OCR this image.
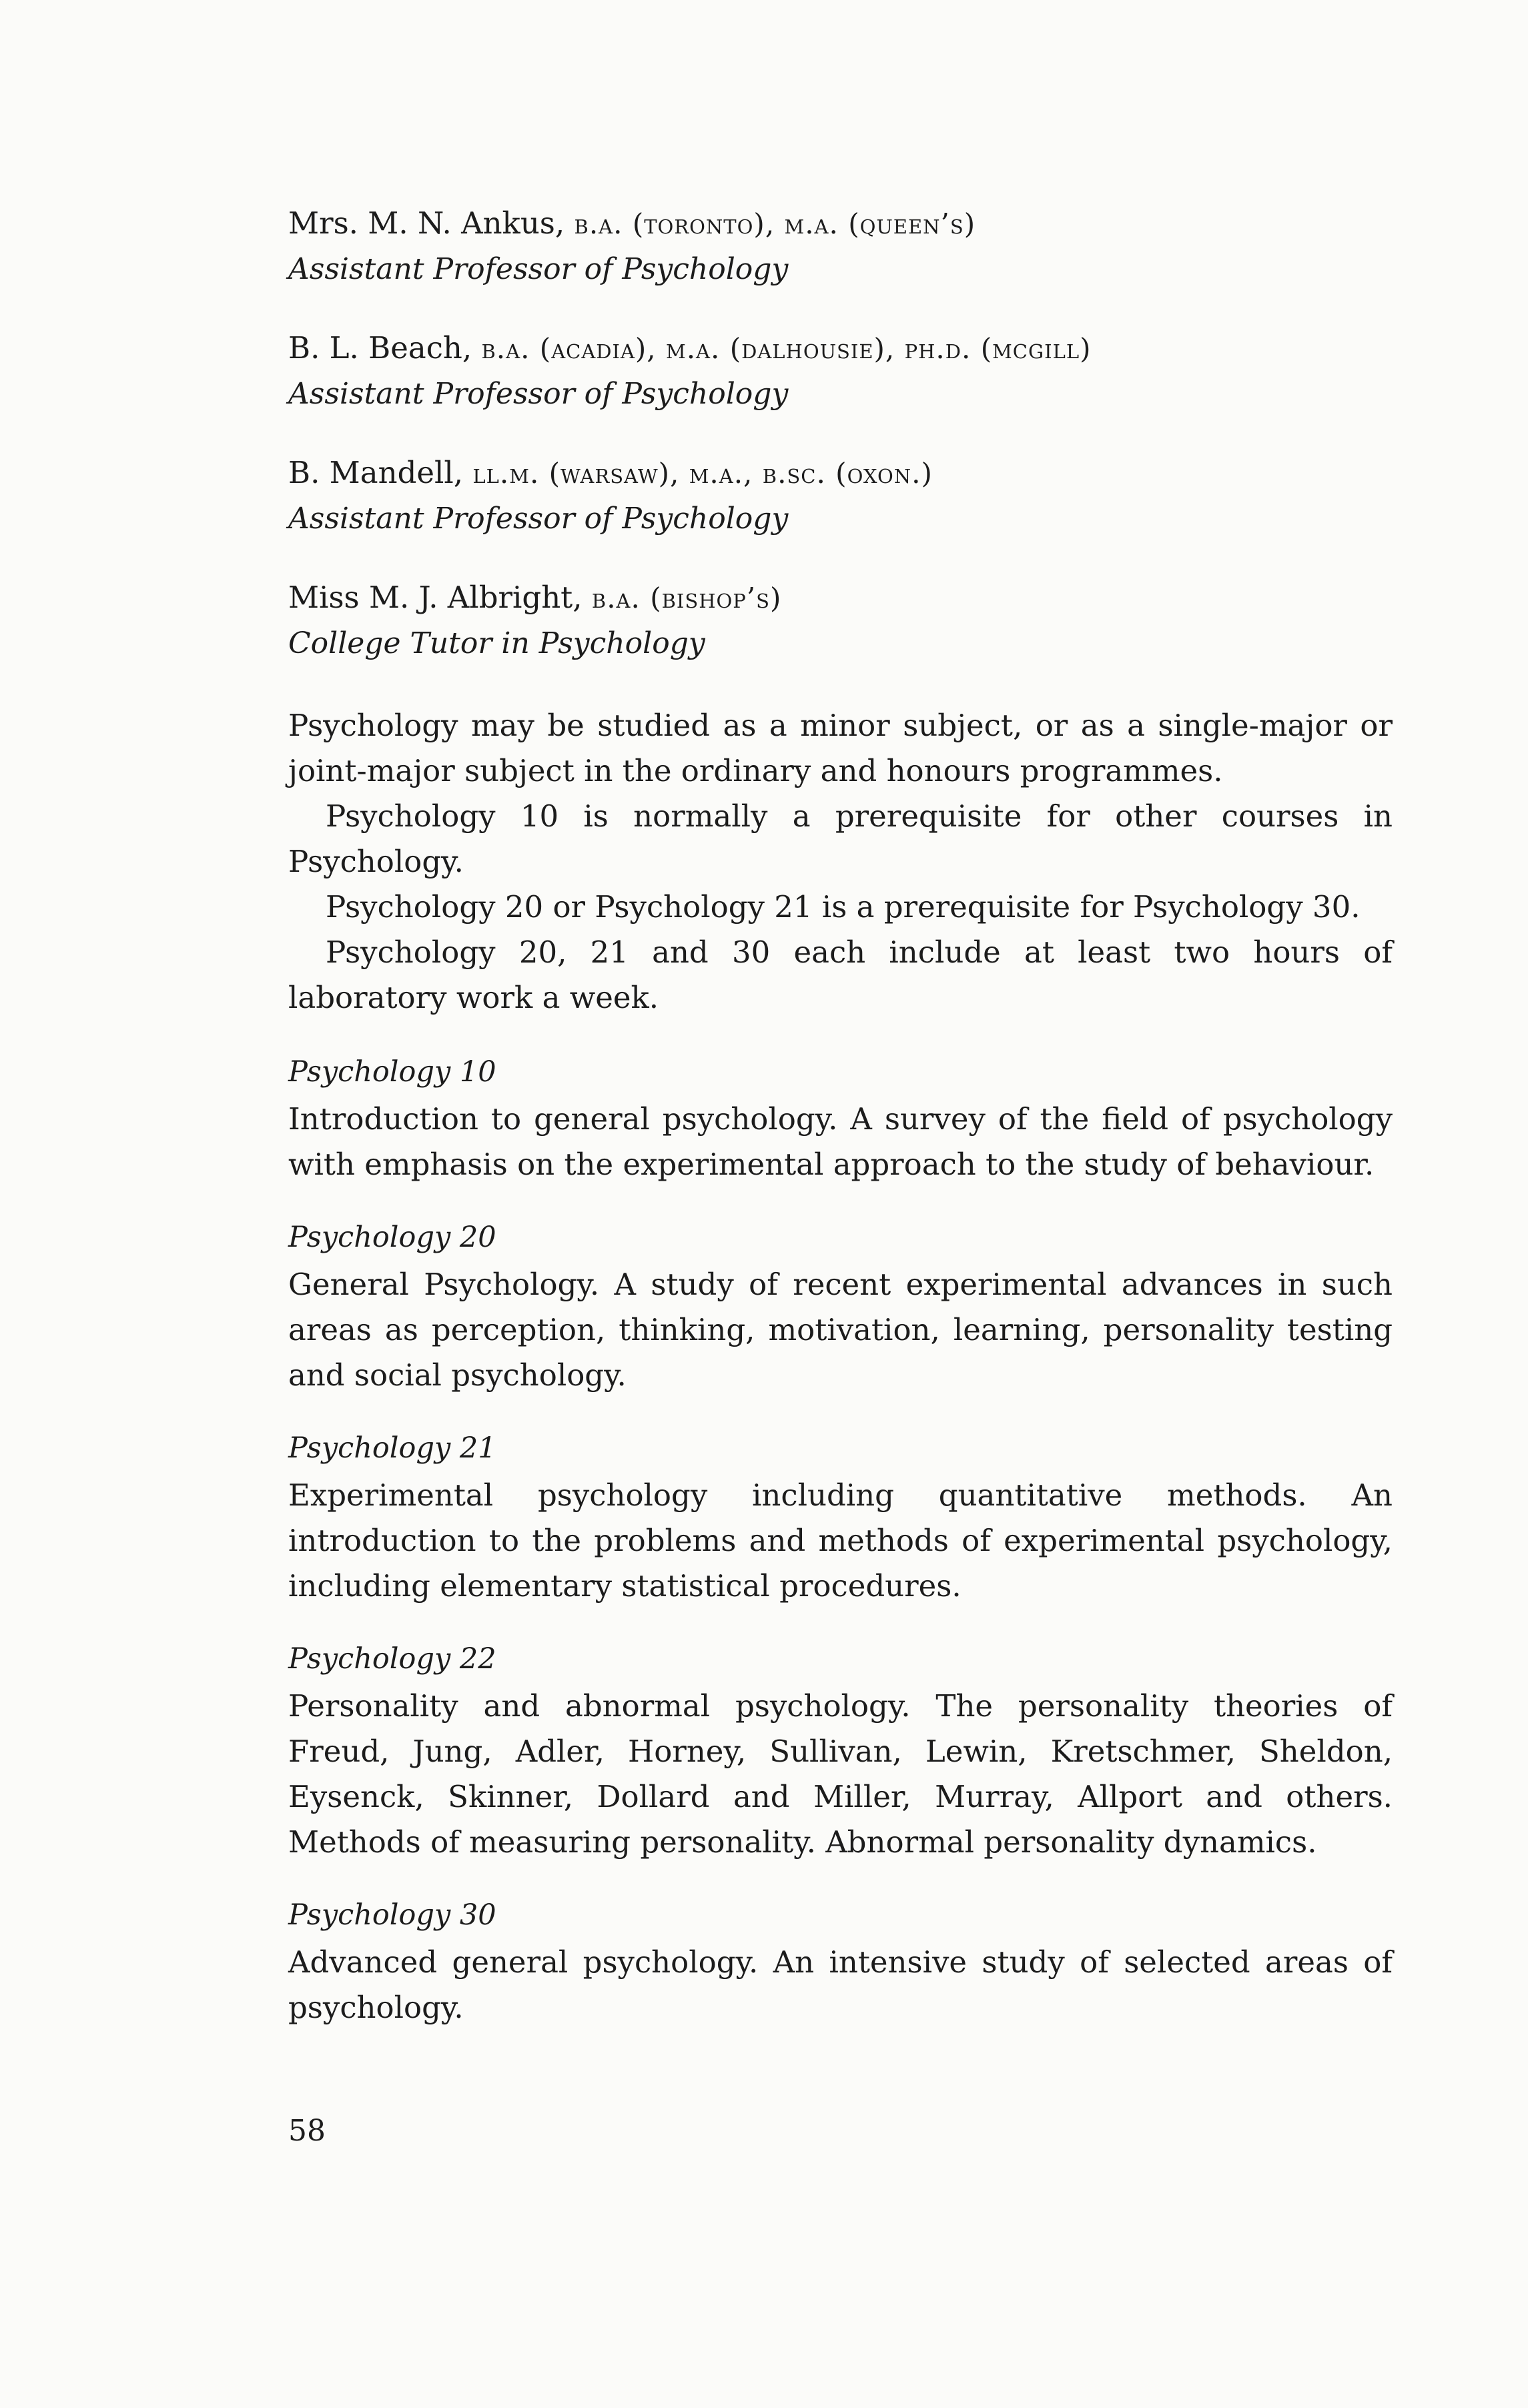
Mrs. M. N. Ankus, b.a. (toronto), m.a. (queen’s)
Assistant Professor of Psychology
B. L. Beach, b.a. (acadia), m.a. (dalhousie), ph.d. (mcgill)
Assistant Professor of Psychology
B. Mandell, ll.m. (warsaw), m.a., b.sc. (oxon.)
Assistant Professor of Psychology
Miss M. J. Albright, b.a. (bishop’s)
College Tutor in Psychology

Psychology may be studied as a minor subject, or as a single-major or joint-major subject in the ordinary and honours programmes.

Psychology 10 is normally a prerequisite for other courses in Psychology.

Psychology 20 or Psychology 21 is a prerequisite for Psychology 30.

Psychology 20, 21 and 30 each include at least two hours of laboratory work a week.

Psychology 10

Introduction to general psychology. A survey of the field of psychology with emphasis on the experimental approach to the study of behaviour.

Psychology 20

General Psychology. A study of recent experimental advances in such areas as perception, thinking, motivation, learning, personality testing and social psychology.

Psychology 21

Experimental psychology including quantitative methods. An introduction to the problems and methods of experimental psychology, including elementary statistical procedures.

Psychology 22

Personality and abnormal psychology. The personality theories of Freud, Jung, Adler, Horney, Sullivan, Lewin, Kretschmer, Sheldon, Eysenck, Skinner, Dollard and Miller, Murray, Allport and others. Methods of measuring personality. Abnormal personality dynamics.

Psychology 30

Advanced general psychology. An intensive study of selected areas of psychology.

58
